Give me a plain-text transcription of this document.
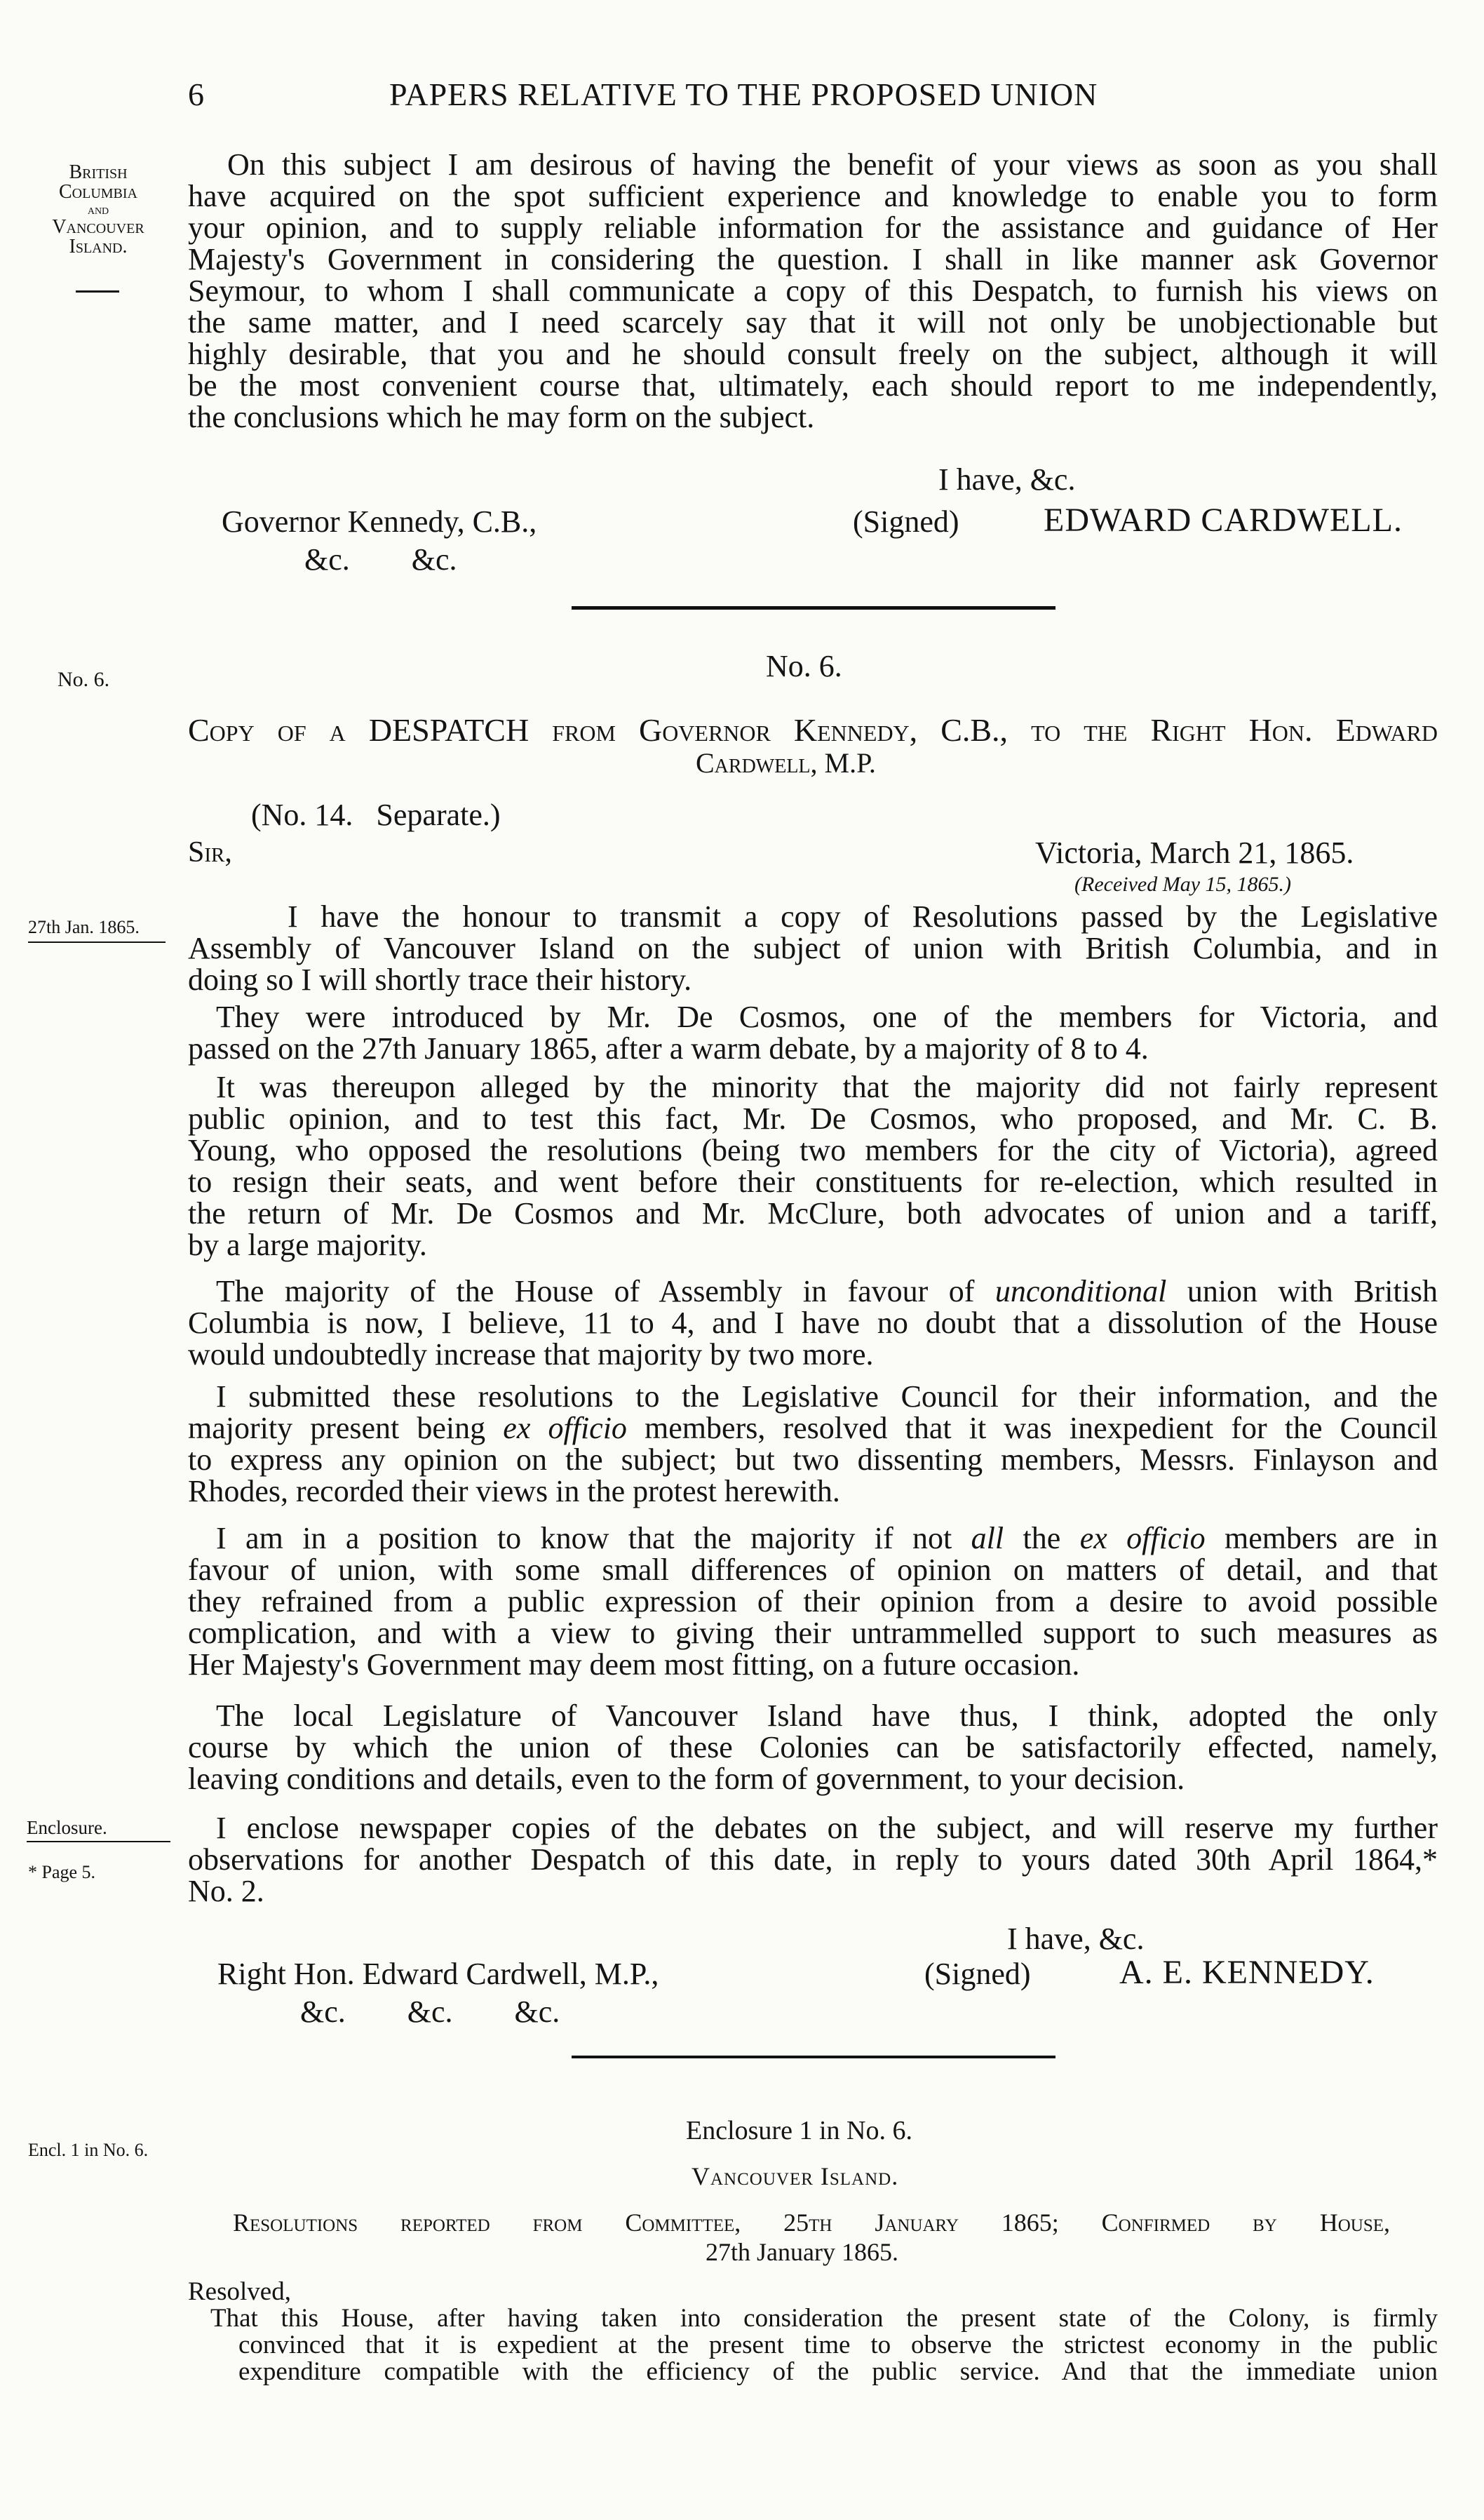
6	PAPERS RELATIVE TO THE PROPOSED UNION
British
Columbia
and
Vancouver
Island.
No. 6.
27th Jan. 1865.
Enclosure.
* Page 5.
Encl. 1 in No. 6.
On this subject I am desirous of having the benefit of your views as soon as you shall
have acquired on the spot sufficient experience and knowledge to enable you to form
your opinion, and to supply reliable information for the assistance and guidance of Her
Majesty's Government in considering the question. I shall in like manner ask Governor
Seymour, to whom I shall communicate a copy of this Despatch, to furnish his views on
the same matter, and I need scarcely say that it will not only be unobjectionable but
highly desirable, that you and he should consult freely on the subject, although it will
be the most convenient course that, ultimately, each should report to me independently,
the conclusions which he may form on the subject.
I have, &c.
Governor Kennedy, C.B.,	(Signed)	EDWARD CARDWELL.
&c.        &c.
No. 6.
Copy of a DESPATCH from Governor Kennedy, C.B., to the Right Hon. Edward
Cardwell, M.P.
(No. 14.   Separate.)
Sir,	Victoria, March 21, 1865.
(Received May 15, 1865.)
I have the honour to transmit a copy of Resolutions passed by the Legislative
Assembly of Vancouver Island on the subject of union with British Columbia, and in
doing so I will shortly trace their history.
They were introduced by Mr. De Cosmos, one of the members for Victoria, and
passed on the 27th January 1865, after a warm debate, by a majority of 8 to 4.
It was thereupon alleged by the minority that the majority did not fairly represent
public opinion, and to test this fact, Mr. De Cosmos, who proposed, and Mr. C. B.
Young, who opposed the resolutions (being two members for the city of Victoria), agreed
to resign their seats, and went before their constituents for re-election, which resulted in
the return of Mr. De Cosmos and Mr. McClure, both advocates of union and a tariff,
by a large majority.
The majority of the House of Assembly in favour of unconditional union with British
Columbia is now, I believe, 11 to 4, and I have no doubt that a dissolution of the House
would undoubtedly increase that majority by two more.
I submitted these resolutions to the Legislative Council for their information, and the
majority present being ex officio members, resolved that it was inexpedient for the Council
to express any opinion on the subject; but two dissenting members, Messrs. Finlayson and
Rhodes, recorded their views in the protest herewith.
I am in a position to know that the majority if not all the ex officio members are in
favour of union, with some small differences of opinion on matters of detail, and that
they refrained from a public expression of their opinion from a desire to avoid possible
complication, and with a view to giving their untrammelled support to such measures as
Her Majesty's Government may deem most fitting, on a future occasion.
The local Legislature of Vancouver Island have thus, I think, adopted the only
course by which the union of these Colonies can be satisfactorily effected, namely,
leaving conditions and details, even to the form of government, to your decision.
I enclose newspaper copies of the debates on the subject, and will reserve my further
observations for another Despatch of this date, in reply to yours dated 30th April 1864,*
No. 2.
I have, &c.
Right Hon. Edward Cardwell, M.P.,	(Signed)	A. E. KENNEDY.
&c.        &c.        &c.
Enclosure 1 in No. 6.
Vancouver Island.
Resolutions reported from Committee, 25th January 1865; Confirmed by House,
27th January 1865.
Resolved,
That this House, after having taken into consideration the present state of the Colony, is firmly
convinced that it is expedient at the present time to observe the strictest economy in the public
expenditure compatible with the efficiency of the public service. And that the immediate union
